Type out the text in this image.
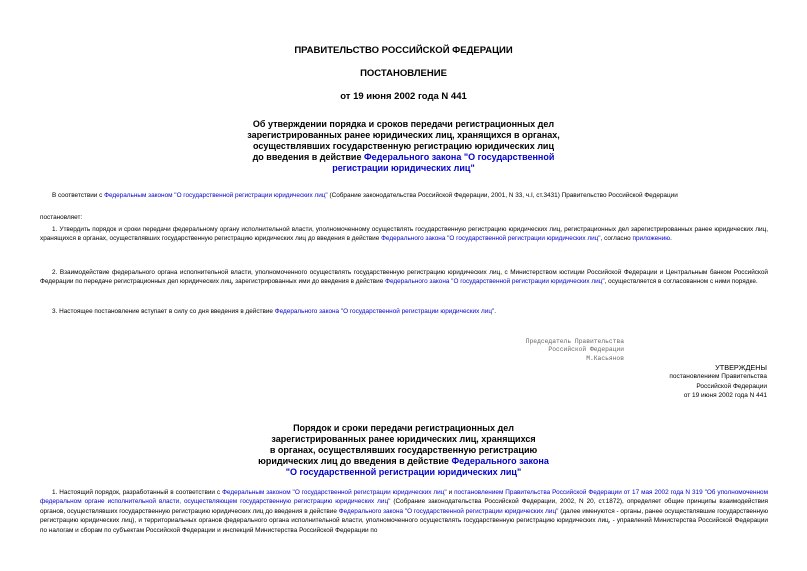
ПРАВИТЕЛЬСТВО РОССИЙСКОЙ ФЕДЕРАЦИИ
ПОСТАНОВЛЕНИЕ
от 19 июня 2002 года N 441
Об утверждении порядка и сроков передачи регистрационных дел
зарегистрированных ранее юридических лиц, хранящихся в органах,
осуществлявших государственную регистрацию юридических лиц
до введения в действие Федерального закона "О государственной
регистрации юридических лиц"
В соответствии с Федеральным законом "О государственной регистрации юридических лиц" (Собрание законодательства Российской Федерации, 2001, N 33, ч.I, ст.3431) Правительство Российской Федерации
постановляет:
1. Утвердить порядок и сроки передачи федеральному органу исполнительной власти, уполномоченному осуществлять государственную регистрацию юридических лиц, регистрационных дел зарегистрированных ранее юридических лиц, хранящихся в органах, осуществлявших государственную регистрацию юридических лиц до введения в действие Федерального закона "О государственной регистрации юридических лиц", согласно приложению.
2. Взаимодействие федерального органа исполнительной власти, уполномоченного осуществлять государственную регистрацию юридических лиц, с Министерством юстиции Российской Федерации и Центральным банком Российской Федерации по передаче регистрационных дел юридических лиц, зарегистрированных ими до введения в действие Федерального закона "О государственной регистрации юридических лиц", осуществляется в согласованном с ними порядке.
3. Настоящее постановление вступает в силу со дня введения в действие Федерального закона "О государственной регистрации юридических лиц".
Председатель Правительства
Российской Федерации
М.Касьянов
УТВЕРЖДЕНЫ
постановлением Правительства
Российской Федерации
от 19 июня 2002 года N 441
Порядок и сроки передачи регистрационных дел
зарегистрированных ранее юридических лиц, хранящихся
в органах, осуществлявших государственную регистрацию
юридических лиц до введения в действие Федерального закона
"О государственной регистрации юридических лиц"
1. Настоящий порядок, разработанный в соответствии с Федеральным законом "О государственной регистрации юридических лиц" и постановлением Правительства Российской Федерации от 17 мая 2002 года N 319 "Об уполномоченном федеральном органе исполнительной власти, осуществляющем государственную регистрацию юридических лиц" (Собрание законодательства Российской Федерации, 2002, N 20, ст.1872), определяет общие принципы взаимодействия органов, осуществлявших государственную регистрацию юридических лиц до введения в действие Федерального закона "О государственной регистрации юридических лиц" (далее именуются - органы, ранее осуществлявшие государственную регистрацию юридических лиц), и территориальных органов федерального органа исполнительной власти, уполномоченного осуществлять государственную регистрацию юридических лиц, - управлений Министерства Российской Федерации по налогам и сборам по субъектам Российской Федерации и инспекций Министерства Российской Федерации по
